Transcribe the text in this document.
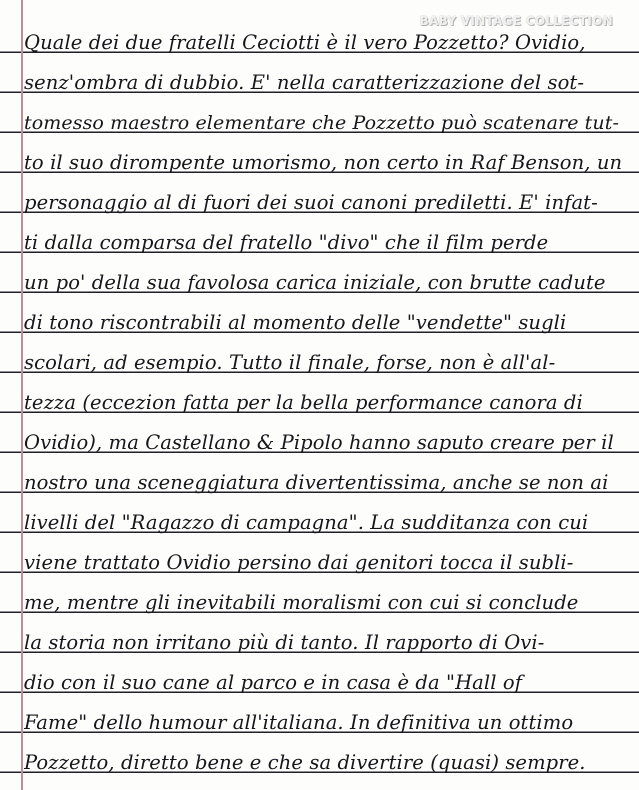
BABY VINTAGE COLLECTION
Quale dei due fratelli Ceciotti è il vero Pozzetto? Ovidio,
senz'ombra di dubbio. E' nella caratterizzazione del sot-
tomesso maestro elementare che Pozzetto può scatenare tut-
to il suo dirompente umorismo, non certo in Raf Benson, un
personaggio al di fuori dei suoi canoni prediletti. E' infat-
ti dalla comparsa del fratello "divo" che il film perde
un po' della sua favolosa carica iniziale, con brutte cadute
di tono riscontrabili al momento delle "vendette" sugli
scolari, ad esempio. Tutto il finale, forse, non è all'al-
tezza (eccezion fatta per la bella performance canora di
Ovidio), ma Castellano & Pipolo hanno saputo creare per il
nostro una sceneggiatura divertentissima, anche se non ai
livelli del "Ragazzo di campagna". La sudditanza con cui
viene trattato Ovidio persino dai genitori tocca il subli-
me, mentre gli inevitabili moralismi con cui si conclude
la storia non irritano più di tanto. Il rapporto di Ovi-
dio con il suo cane al parco e in casa è da "Hall of
Fame" dello humour all'italiana. In definitiva un ottimo
Pozzetto, diretto bene e che sa divertire (quasi) sempre.
